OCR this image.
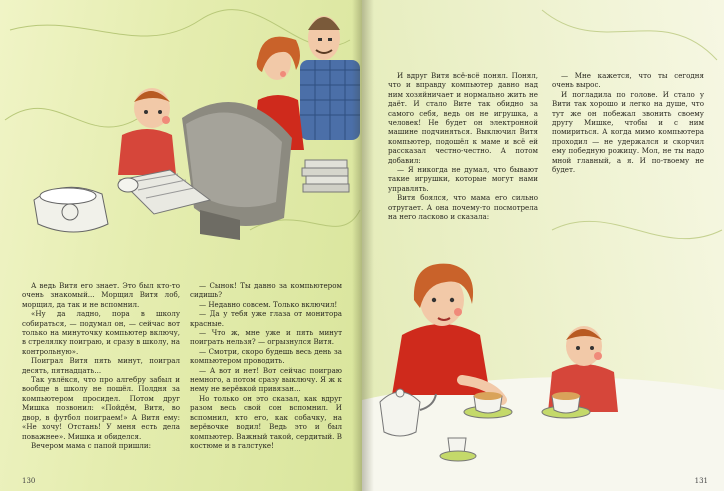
А ведь Витя его знает. Это был кто-то очень знакомый... Морщил Витя лоб, морщил, да так и не вспомнил.

«Ну да ладно, пора в школу собираться, — подумал он, — сейчас вот только на минуточку компьютер включу, в стрелялку поиграю, и сразу в школу, на контрольную».

Поиграл Витя пять минут, поиграл десять, пятнадцать...

Так увлёкся, что про алгебру забыл и вообще в школу не пошёл. Полдня за компьютером просидел. Потом друг Мишка позвонил: «Пойдём, Витя, во двор, в футбол поиграем!» А Витя ему: «Не хочу! Отстань! У меня есть дела поважнее». Мишка и обиделся.

Вечером мама с папой пришли:

— Сынок! Ты давно за компьютером сидишь?

— Недавно совсем. Только включил!

— Да у тебя уже глаза от монитора красные.

— Что ж, мне уже и пять минут поиграть нельзя? — огрызнулся Витя.

— Смотри, скоро будешь весь день за компьютером проводить.

— А вот и нет! Вот сейчас поиграю немного, а потом сразу выключу. Я ж к нему не верёвкой привязан...

Но только он это сказал, как вдруг разом весь свой сон вспомнил. И вспомнил, кто его, как собачку, на верёвочке водил! Ведь это и был компьютер. Важный такой, сердитый. В костюме и в галстуке!

130

И вдруг Витя всё-всё понял. Понял, что и вправду компьютер давно над ним хозяйничает и нормально жить не даёт. И стало Вите так обидно за самого себя, ведь он не игрушка, а человек! Не будет он электронной машине подчиняться. Выключил Витя компьютер, подошёл к маме и всё ей рассказал честно-честно. А потом добавил:

— Я никогда не думал, что бывают такие игрушки, которые могут нами управлять.

Витя боялся, что мама его сильно отругает. А она почему-то посмотрела на него ласково и сказала:

— Мне кажется, что ты сегодня очень вырос.

И погладила по голове. И стало у Вити так хорошо и легко на душе, что тут же он побежал звонить своему другу Мишке, чтобы и с ним помириться. А когда мимо компьютера проходил — не удержался и скорчил ему победную рожицу. Мол, не ты надо мной главный, а я. И по-твоему не будет.

131
